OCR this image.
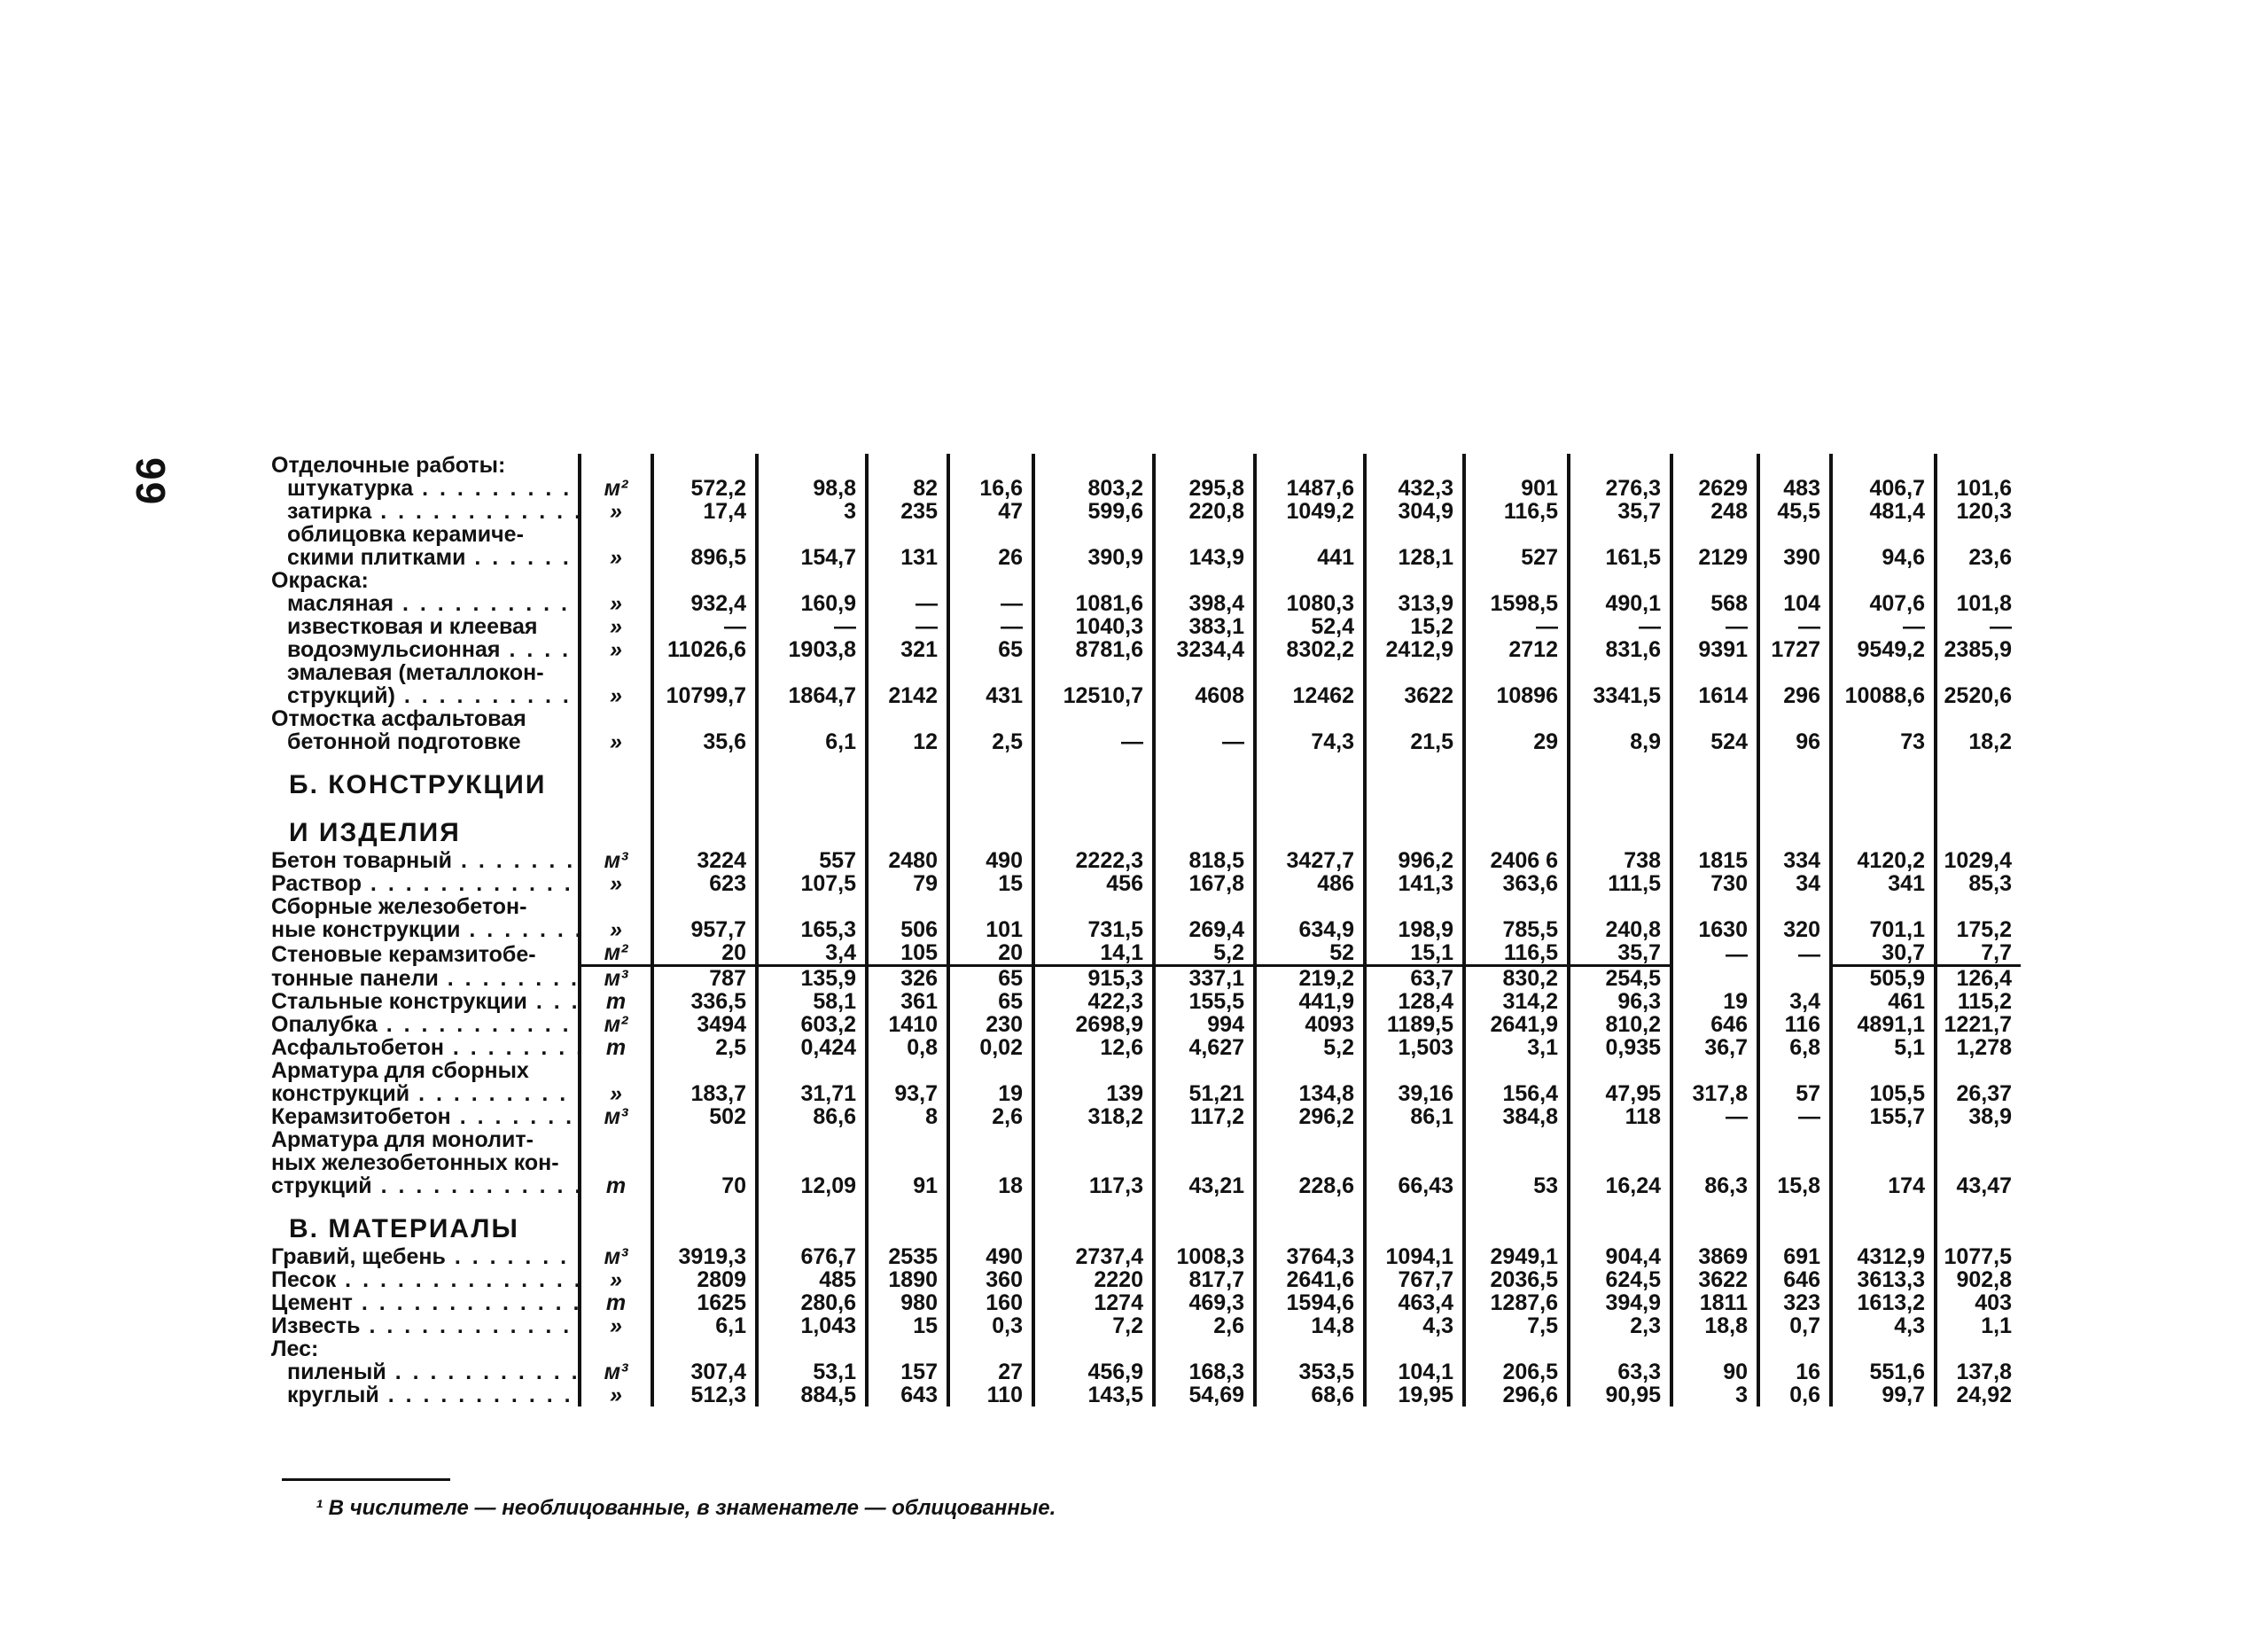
99	Отделочные работы:															
штукатурка . . .	м²	572,2	98,8	82	16,6	803,2	295,8	1487,6	432,3	901	276,3	2629	483	406,7	101,6
затирка . . .	»	17,4	3	235	47	599,6	220,8	1049,2	304,9	116,5	35,7	248	45,5	481,4	120,3
облицовка керамиче-															
скими плитками . . .	»	896,5	154,7	131	26	390,9	143,9	441	128,1	527	161,5	2129	390	94,6	23,6
Окраска:															
масляная . . .	»	932,4	160,9	—	—	1081,6	398,4	1080,3	313,9	1598,5	490,1	568	104	407,6	101,8
известковая и клеевая	»	—	—	—	—	1040,3	383,1	52,4	15,2	—	—	—	—	—	—
водоэмульсионная . . .	»	11026,6	1903,8	321	65	8781,6	3234,4	8302,2	2412,9	2712	831,6	9391	1727	9549,2	2385,9
эмалевая (металлокон-															
струкций) . . .	»	10799,7	1864,7	2142	431	12510,7	4608	12462	3622	10896	3341,5	1614	296	10088,6	2520,6
Отмостка асфальтовая															
бетонной подготовке	»	35,6	6,1	12	2,5	—	—	74,3	21,5	29	8,9	524	96	73	18,2
Б. КОНСТРУКЦИИ															
И ИЗДЕЛИЯ															
Бетон товарный . . .	м³	3224	557	2480	490	2222,3	818,5	3427,7	996,2	2406 6	738	1815	334	4120,2	1029,4
Раствор . . .	»	623	107,5	79	15	456	167,8	486	141,3	363,6	111,5	730	34	341	85,3
Сборные железобетон-															
ные конструкции . . .	»	957,7	165,3	506	101	731,5	269,4	634,9	198,9	785,5	240,8	1630	320	701,1	175,2
Стеновые керамзитобе-	м²	20	3,4	105	20	14,1	5,2	52	15,1	116,5	35,7	—	—	30,7	7,7
тонные панели . . .	м³	787	135,9	326	65	915,3	337,1	219,2	63,7	830,2	254,5			505,9	126,4
Стальные конструкции . . .	т	336,5	58,1	361	65	422,3	155,5	441,9	128,4	314,2	96,3	19	3,4	461	115,2
Опалубка . . .	м²	3494	603,2	1410	230	2698,9	994	4093	1189,5	2641,9	810,2	646	116	4891,1	1221,7
Асфальтобетон . . .	т	2,5	0,424	0,8	0,02	12,6	4,627	5,2	1,503	3,1	0,935	36,7	6,8	5,1	1,278
Арматура для сборных															
конструкций . . .	»	183,7	31,71	93,7	19	139	51,21	134,8	39,16	156,4	47,95	317,8	57	105,5	26,37
Керамзитобетон . . .	м³	502	86,6	8	2,6	318,2	117,2	296,2	86,1	384,8	118	—	—	155,7	38,9
Арматура для монолит-															
ных железобетонных кон-															
струкций . . .	т	70	12,09	91	18	117,3	43,21	228,6	66,43	53	16,24	86,3	15,8	174	43,47
В. МАТЕРИАЛЫ															
Гравий, щебень . . .	м³	3919,3	676,7	2535	490	2737,4	1008,3	3764,3	1094,1	2949,1	904,4	3869	691	4312,9	1077,5
Песок . . .	»	2809	485	1890	360	2220	817,7	2641,6	767,7	2036,5	624,5	3622	646	3613,3	902,8
Цемент . . .	т	1625	280,6	980	160	1274	469,3	1594,6	463,4	1287,6	394,9	1811	323	1613,2	403
Известь . . .	»	6,1	1,043	15	0,3	7,2	2,6	14,8	4,3	7,5	2,3	18,8	0,7	4,3	1,1
Лес:															
пиленый . . .	м³	307,4	53,1	157	27	456,9	168,3	353,5	104,1	206,5	63,3	90	16	551,6	137,8
круглый . . .	»	512,3	884,5	643	110	143,5	54,69	68,6	19,95	296,6	90,95	3	0,6	99,7	24,92
¹ В числителе — необлицованные, в знаменателе — облицованные.
